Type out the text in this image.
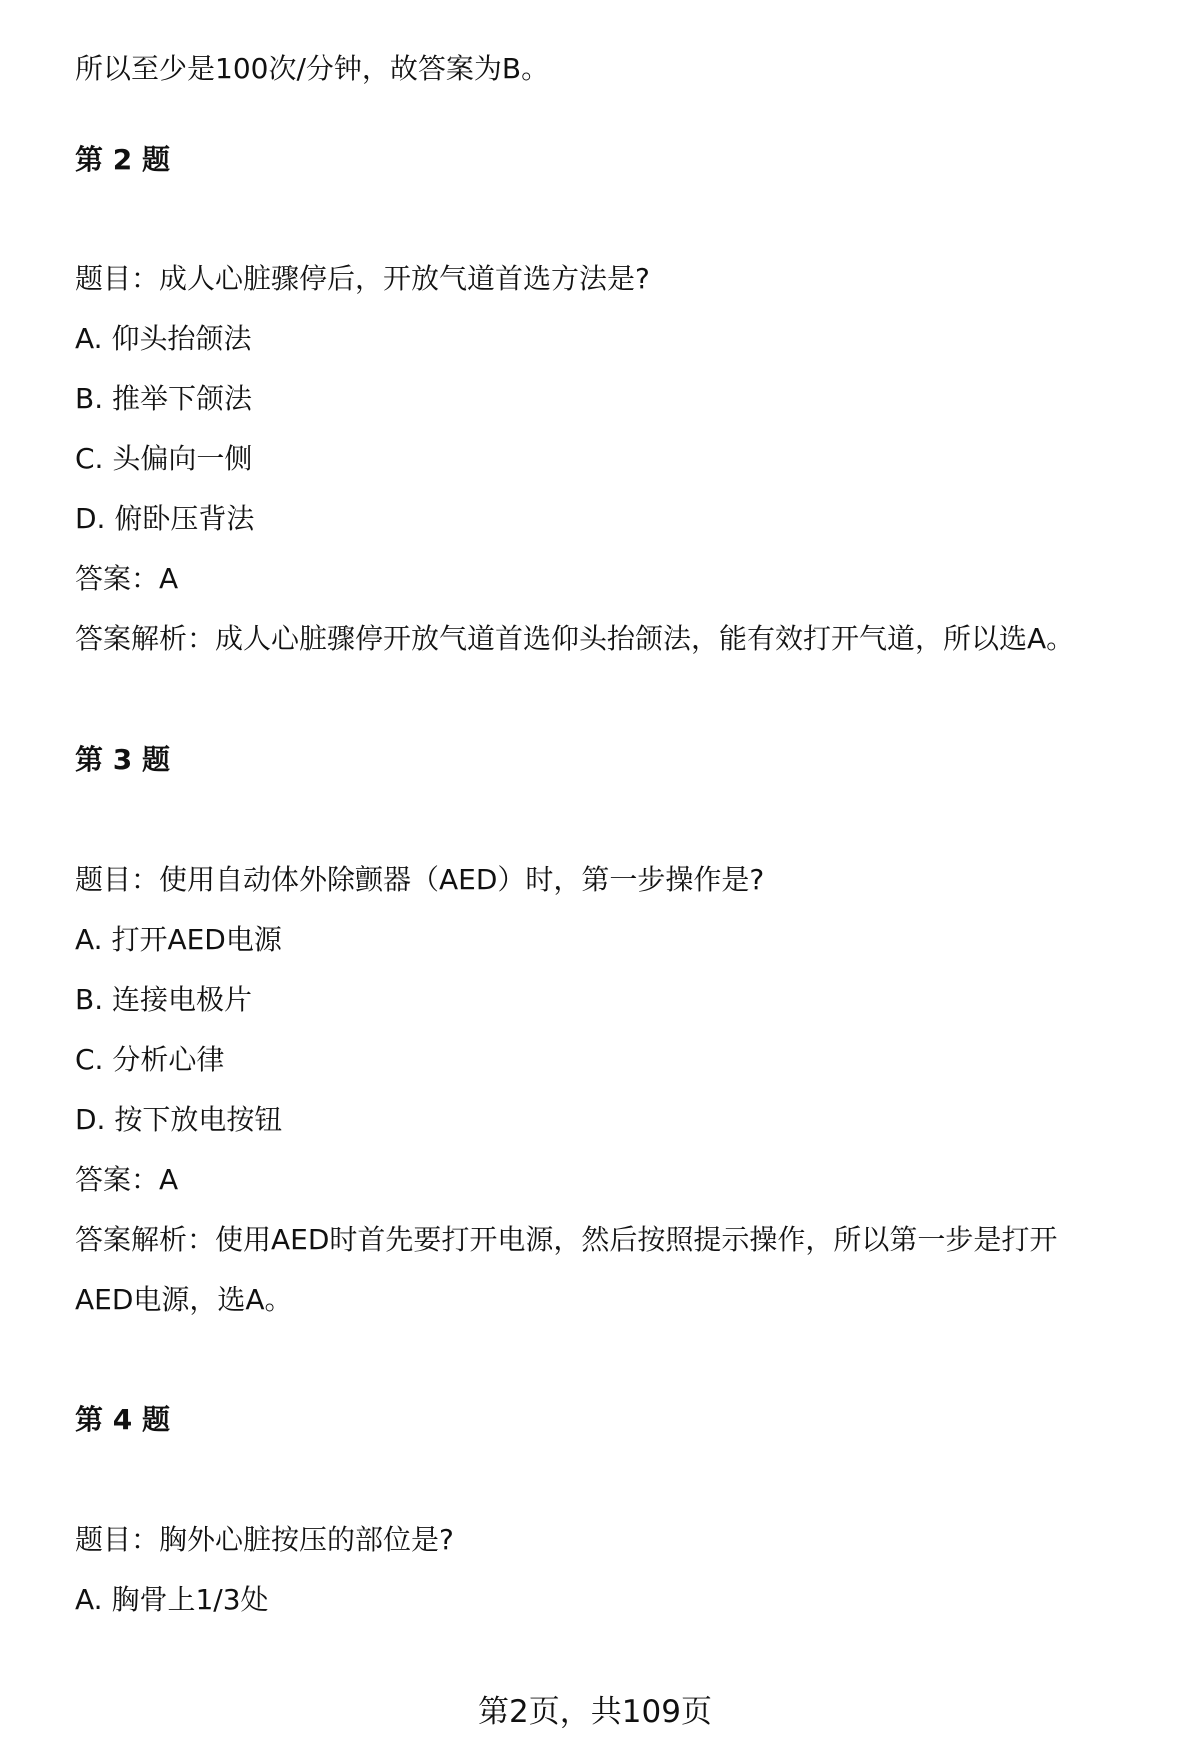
所以至少是100次/分钟，故答案为B。
第 2 题
题目：成人心脏骤停后，开放气道首选方法是?
A. 仰头抬颌法
B. 推举下颌法
C. 头偏向一侧
D. 俯卧压背法
答案：A
答案解析：成人心脏骤停开放气道首选仰头抬颌法，能有效打开气道，所以选A。
第 3 题
题目：使用自动体外除颤器（AED）时，第一步操作是?
A. 打开AED电源
B. 连接电极片
C. 分析心律
D. 按下放电按钮
答案：A
答案解析：使用AED时首先要打开电源，然后按照提示操作，所以第一步是打开
AED电源，选A。
第 4 题
题目：胸外心脏按压的部位是?
A. 胸骨上1/3处
第2页，共109页
